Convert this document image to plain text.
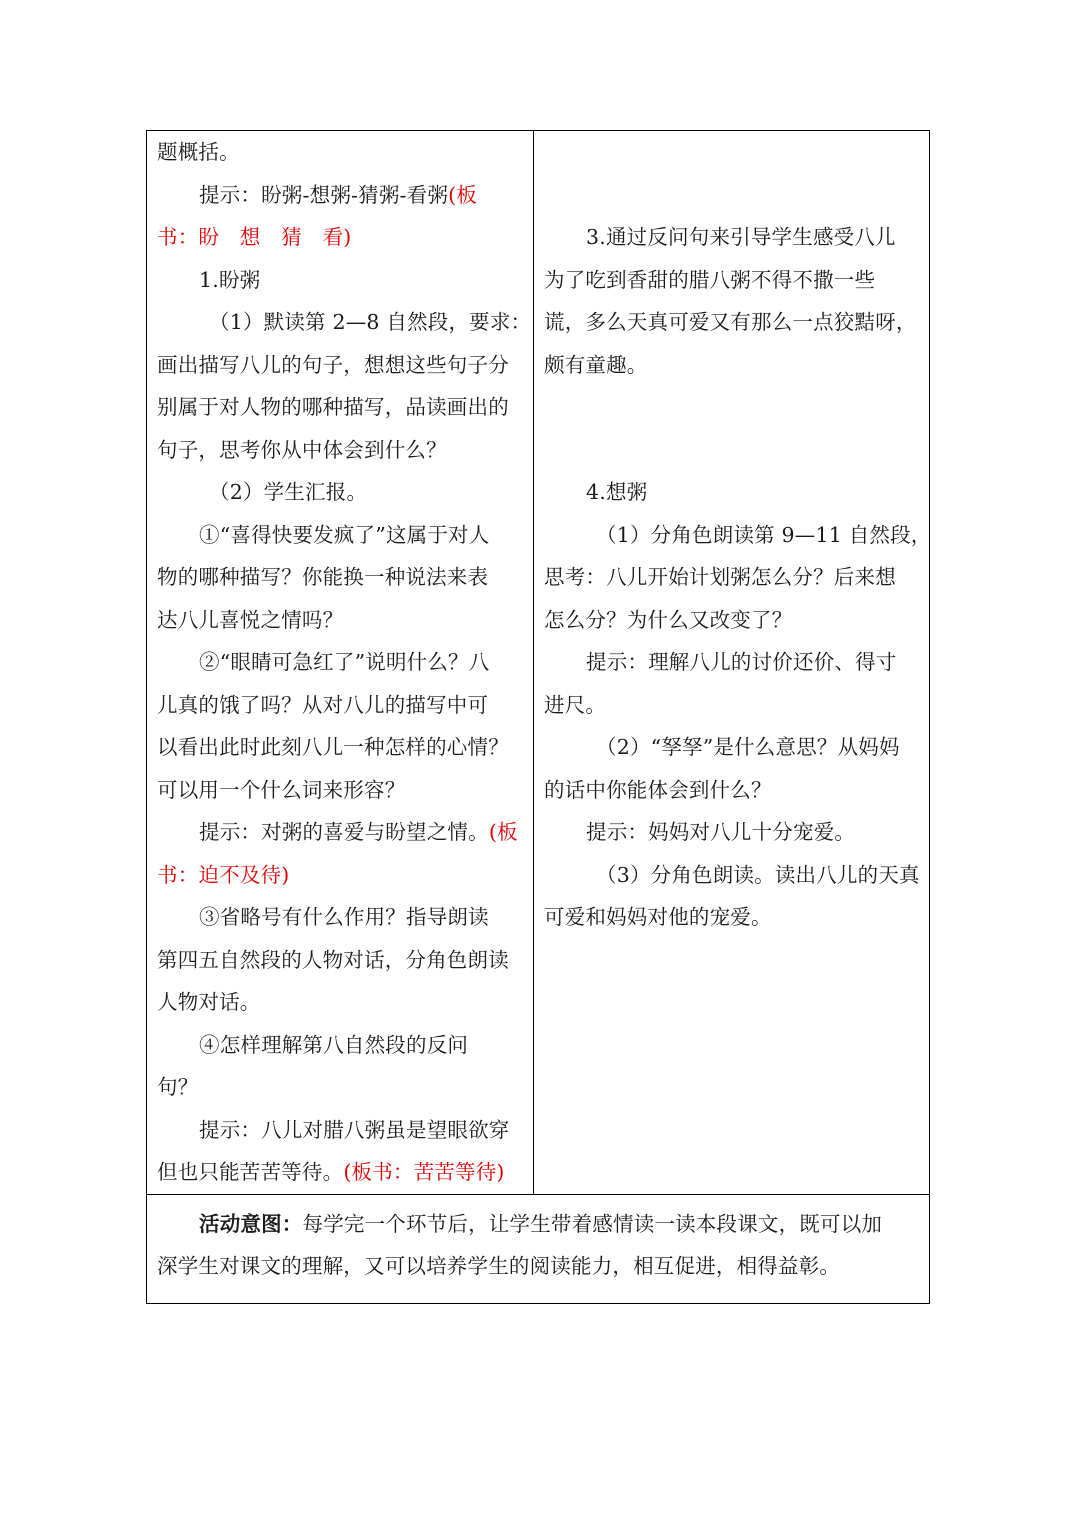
题概括。
提示：盼粥-想粥-猜粥-看粥(板
书：盼　想　猜　看)
1.盼粥
（1）默读第 2—8 自然段，要求：
画出描写八儿的句子，想想这些句子分
别属于对人物的哪种描写，品读画出的
句子，思考你从中体会到什么？
（2）学生汇报。
①“喜得快要发疯了”这属于对人
物的哪种描写？你能换一种说法来表
达八儿喜悦之情吗？
②“眼睛可急红了”说明什么？八
儿真的饿了吗？从对八儿的描写中可
以看出此时此刻八儿一种怎样的心情？
可以用一个什么词来形容？
提示：对粥的喜爱与盼望之情。(板
书：迫不及待)
③省略号有什么作用？指导朗读
第四五自然段的人物对话，分角色朗读
人物对话。
④怎样理解第八自然段的反问
句？
提示：八儿对腊八粥虽是望眼欲穿
但也只能苦苦等待。(板书：苦苦等待)
3.通过反问句来引导学生感受八儿
为了吃到香甜的腊八粥不得不撒一些
谎，多么天真可爱又有那么一点狡黠呀，
颇有童趣。
4.想粥
（1）分角色朗读第 9—11 自然段，
思考：八儿开始计划粥怎么分？后来想
怎么分？为什么又改变了？
提示：理解八儿的讨价还价、得寸
进尺。
（2）“孥孥”是什么意思？从妈妈
的话中你能体会到什么？
提示：妈妈对八儿十分宠爱。
（3）分角色朗读。读出八儿的天真
可爱和妈妈对他的宠爱。
活动意图：每学完一个环节后，让学生带着感情读一读本段课文，既可以加
深学生对课文的理解，又可以培养学生的阅读能力，相互促进，相得益彰。
